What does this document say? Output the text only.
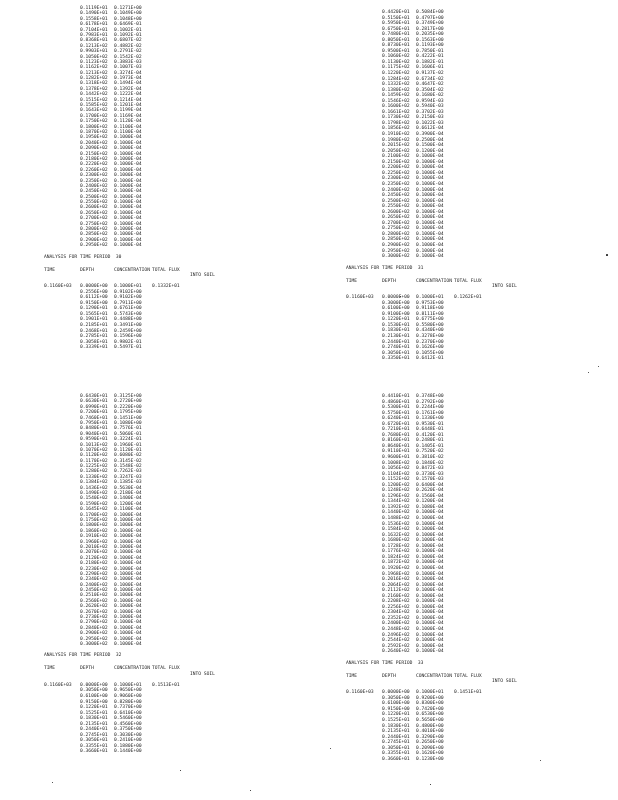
0.1119E+01 0.1271E+00
0.1490E+01 0.1049E+00
0.1558E+01 0.1048E+00
0.6178E+01 0.6469E-01
0.7104E+01 0.1002E-01
0.7983E+01 0.1092E-01
0.8368E+01 0.6807E-02
0.1213E+02 0.4882E-02
0.9903E+01 0.2791E-02
0.1050E+02 0.1542E-02
0.1123E+02 0.3883E-03
0.1162E+02 0.1007E-03
0.1213E+02 0.3274E-04
0.1282E+02 0.1973E-04
0.1318E+02 0.1494E-04
0.1378E+02 0.1392E-04
0.1442E+02 0.1222E-04
0.1515E+02 0.1214E-04
0.1585E+02 0.1201E-04
0.1643E+02 0.1199E-04
0.1700E+02 0.1169E-04
0.1750E+02 0.1120E-04
0.1800E+02 0.1100E-04
0.1870E+02 0.1100E-04
0.1950E+02 0.1000E-04
0.2040E+02 0.1000E-04
0.2090E+02 0.1000E-04
0.2150E+02 0.1000E-04
0.2180E+02 0.1000E-04
0.2220E+02 0.1000E-04
0.2260E+02 0.1000E-04
0.2300E+02 0.1000E-04
0.2350E+02 0.1000E-04
0.2400E+02 0.1000E-04
0.2450E+02 0.1000E-04
0.2500E+02 0.1000E-04
0.2550E+02 0.1000E-04
0.2600E+02 0.1000E-04
0.2650E+02 0.1000E-04
0.2700E+02 0.1000E-04
0.2750E+02 0.1000E-04
0.2800E+02 0.1000E-04
0.2850E+02 0.1000E-04
0.2900E+02 0.1000E-04
0.2950E+02 0.1000E-04
ANALYSIS FOR TIME PERIOD  30
TIME	DEPTH	CONCENTRATION TOTAL FLUX
INTO SOIL
0.1160E+03 0.0000E+00 0.1000E+01 0.1332E+01
0.2556E+00 0.9102E+00
0.6112E+00 0.9102E+00
0.9150E+00 0.7911E+00
0.1290E+01 0.6761E+00
0.1565E+01 0.5743E+00
0.1901E+01 0.4488E+00
0.2185E+01 0.3491E+00
0.2468E+01 0.2459E+00
0.2785E+01 0.1596E+00
0.3058E+01 0.9802E-01
0.3339E+01 0.5497E-01
0.4420E+01 0.5084E+00
0.5150E+01 0.4797E+00
0.5950E+01 0.3749E+00
0.6750E+01 0.2817E+00
0.7480E+01 0.2035E+00
0.8050E+01 0.1563E+00
0.8730E+01 0.1193E+00
0.9500E+01 0.7850E-01
0.1060E+02 0.4222E-01
0.1130E+02 0.1882E-01
0.1175E+02 0.1606E-01
0.1220E+02 0.9137E-02
0.1284E+02 0.6734E-02
0.1332E+02 0.4647E-02
0.1380E+02 0.3504E-02
0.1459E+02 0.1680E-02
0.1546E+02 0.9594E-03
0.1600E+02 0.5940E-03
0.1661E+02 0.3702E-03
0.1730E+02 0.2150E-03
0.1798E+02 0.1022E-03
0.1856E+02 0.6612E-04
0.1910E+02 0.3900E-04
0.1980E+02 0.2500E-04
0.2015E+02 0.1500E-04
0.2050E+02 0.1200E-04
0.2100E+02 0.1000E-04
0.2150E+02 0.1000E-04
0.2200E+02 0.1000E-04
0.2250E+02 0.1000E-04
0.2300E+02 0.1000E-04
0.2350E+02 0.1000E-04
0.2400E+02 0.1000E-04
0.2450E+02 0.1000E-04
0.2500E+02 0.1000E-04
0.2550E+02 0.1000E-04
0.2600E+02 0.1000E-04
0.2650E+02 0.1000E-04
0.2700E+02 0.1000E-04
0.2750E+02 0.1000E-04
0.2800E+02 0.1000E-04
0.2850E+02 0.1000E-04
0.2900E+02 0.1000E-04
0.2950E+02 0.1000E-04
0.3000E+02 0.1000E-04
ANALYSIS FOR TIME PERIOD  31
TIME	DEPTH	CONCENTRATION TOTAL FLUX
INTO SOIL
0.1160E+03 0.0000E+00 0.1000E+01 0.1262E+01
0.3000E+00 0.9753E+00
0.6100E+00 0.9118E+00
0.9100E+00 0.8111E+00
0.1220E+01 0.6775E+00
0.1530E+01 0.5580E+00
0.1830E+01 0.4340E+00
0.2130E+01 0.3278E+00
0.2440E+01 0.2370E+00
0.2740E+01 0.1626E+00
0.3050E+01 0.1055E+00
0.3350E+01 0.6412E-01
0.6430E+01 0.3125E+00
0.6630E+01 0.2720E+00
0.6990E+01 0.2220E+00
0.7200E+01 0.1795E+00
0.7460E+01 0.1451E+00
0.7950E+01 0.1080E+00
0.8480E+01 0.7576E-01
0.9040E+01 0.5060E-01
0.9590E+01 0.3224E-01
0.1013E+02 0.1960E-01
0.1070E+02 0.1120E-01
0.1120E+02 0.6080E-02
0.1170E+02 0.3145E-02
0.1225E+02 0.1548E-02
0.1280E+02 0.7262E-03
0.1330E+02 0.3247E-03
0.1384E+02 0.1385E-03
0.1436E+02 0.5630E-04
0.1490E+02 0.2180E-04
0.1540E+02 0.1400E-04
0.1590E+02 0.1200E-04
0.1645E+02 0.1100E-04
0.1700E+02 0.1000E-04
0.1750E+02 0.1000E-04
0.1800E+02 0.1000E-04
0.1860E+02 0.1000E-04
0.1910E+02 0.1000E-04
0.1960E+02 0.1000E-04
0.2010E+02 0.1000E-04
0.2070E+02 0.1000E-04
0.2120E+02 0.1000E-04
0.2180E+02 0.1000E-04
0.2230E+02 0.1000E-04
0.2290E+02 0.1000E-04
0.2340E+02 0.1000E-04
0.2400E+02 0.1000E-04
0.2450E+02 0.1000E-04
0.2510E+02 0.1000E-04
0.2560E+02 0.1000E-04
0.2620E+02 0.1000E-04
0.2670E+02 0.1000E-04
0.2730E+02 0.1000E-04
0.2790E+02 0.1000E-04
0.2840E+02 0.1000E-04
0.2900E+02 0.1000E-04
0.2950E+02 0.1000E-04
0.3000E+02 0.1000E-04
ANALYSIS FOR TIME PERIOD  32
TIME	DEPTH	CONCENTRATION TOTAL FLUX
INTO SOIL
0.1160E+03 0.0000E+00 0.1000E+01 0.1513E+01
0.3050E+00 0.9650E+00
0.6100E+00 0.9060E+00
0.9150E+00 0.8280E+00
0.1220E+01 0.7370E+00
0.1525E+01 0.6410E+00
0.1830E+01 0.5460E+00
0.2135E+01 0.4560E+00
0.2440E+01 0.3750E+00
0.2745E+01 0.3030E+00
0.3050E+01 0.2410E+00
0.3355E+01 0.1880E+00
0.3660E+01 0.1440E+00
0.4410E+01 0.3748E+00
0.4860E+01 0.2792E+00
0.5300E+01 0.2244E+00
0.5750E+01 0.1761E+00
0.6240E+01 0.1330E+00
0.6720E+01 0.9530E-01
0.7210E+01 0.6448E-01
0.7680E+01 0.4120E-01
0.8160E+01 0.2480E-01
0.8640E+01 0.1405E-01
0.9110E+01 0.7520E-02
0.9600E+01 0.3810E-02
0.1008E+02 0.1840E-02
0.1056E+02 0.8472E-03
0.1104E+02 0.3730E-03
0.1152E+02 0.1570E-03
0.1200E+02 0.6400E-04
0.1248E+02 0.2620E-04
0.1296E+02 0.1560E-04
0.1344E+02 0.1200E-04
0.1392E+02 0.1080E-04
0.1440E+02 0.1000E-04
0.1488E+02 0.1000E-04
0.1536E+02 0.1000E-04
0.1584E+02 0.1000E-04
0.1632E+02 0.1000E-04
0.1680E+02 0.1000E-04
0.1728E+02 0.1000E-04
0.1776E+02 0.1000E-04
0.1824E+02 0.1000E-04
0.1872E+02 0.1000E-04
0.1920E+02 0.1000E-04
0.1968E+02 0.1000E-04
0.2016E+02 0.1000E-04
0.2064E+02 0.1000E-04
0.2112E+02 0.1000E-04
0.2160E+02 0.1000E-04
0.2208E+02 0.1000E-04
0.2256E+02 0.1000E-04
0.2304E+02 0.1000E-04
0.2352E+02 0.1000E-04
0.2400E+02 0.1000E-04
0.2448E+02 0.1000E-04
0.2496E+02 0.1000E-04
0.2544E+02 0.1000E-04
0.2592E+02 0.1000E-04
0.2640E+02 0.1000E-04
ANALYSIS FOR TIME PERIOD  33
TIME	DEPTH	CONCENTRATION TOTAL FLUX
INTO SOIL
0.1160E+03 0.0000E+00 0.1000E+01 0.1451E+01
0.3050E+00 0.9200E+00
0.6100E+00 0.8300E+00
0.9150E+00 0.7420E+00
0.1220E+01 0.6530E+00
0.1525E+01 0.5650E+00
0.1830E+01 0.4800E+00
0.2135E+01 0.4010E+00
0.2440E+01 0.3290E+00
0.2745E+01 0.2650E+00
0.3050E+01 0.2090E+00
0.3355E+01 0.1620E+00
0.3660E+01 0.1230E+00
